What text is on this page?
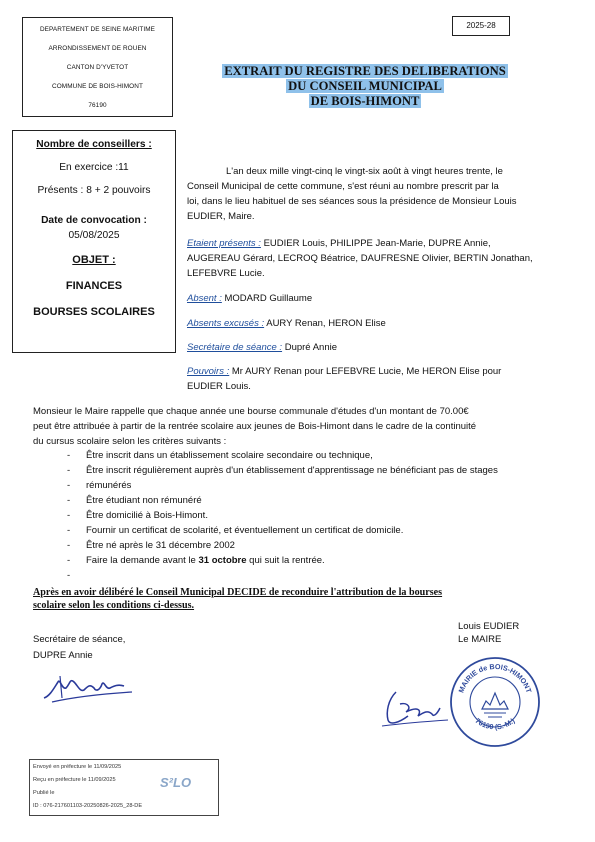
DEPARTEMENT DE SEINE MARITIME
ARRONDISSEMENT DE ROUEN
CANTON D'YVETOT
COMMUNE DE BOIS-HIMONT
76190
2025-28
EXTRAIT DU REGISTRE DES DELIBERATIONS
DU CONSEIL MUNICIPAL
DE BOIS-HIMONT
Nombre de conseillers :
En exercice :11
Présents : 8 + 2 pouvoirs
Date de convocation :
05/08/2025
OBJET :
FINANCES
BOURSES SCOLAIRES
L'an deux mille vingt-cinq le vingt-six août à vingt heures trente, le
Conseil Municipal de cette commune, s'est réuni au nombre prescrit par la
loi, dans le lieu habituel de ses séances sous la présidence de Monsieur Louis
EUDIER, Maire.
Etaient présents : EUDIER Louis, PHILIPPE Jean-Marie, DUPRE Annie,
AUGEREAU Gérard, LECROQ Béatrice, DAUFRESNE Olivier, BERTIN Jonathan,
LEFEBVRE Lucie.
Absent : MODARD Guillaume
Absents excusés : AURY Renan, HERON Elise
Secrétaire de séance : Dupré Annie
Pouvoirs : Mr AURY Renan pour LEFEBVRE Lucie, Me HERON Elise pour
EUDIER Louis.
Monsieur le Maire rappelle que chaque année une bourse communale d'études d'un montant de 70.00€
peut être attribuée à partir de la rentrée scolaire aux jeunes de Bois-Himont dans le cadre de la continuité
du cursus scolaire selon les critères suivants :
- Être inscrit dans un établissement scolaire secondaire ou technique,
- Être inscrit régulièrement auprès d'un établissement d'apprentissage ne bénéficiant pas de stages
- rémunérés
- Être étudiant non rémunéré
- Être domicilié à Bois-Himont.
- Fournir un certificat de scolarité, et éventuellement un certificat de domicile.
- Être né après le 31 décembre 2002
- Faire la demande avant le 31 octobre qui suit la rentrée.
Après en avoir délibéré le Conseil Municipal DECIDE de reconduire l'attribution de la bourses
scolaire selon les conditions ci-dessus.
Secrétaire de séance,
DUPRE Annie
Louis EUDIER
Le MAIRE
MAIRIE de BOIS-HIMONT
76190 (S.-M.)
Envoyé en préfecture le 11/09/2025
Reçu en préfecture le 11/09/2025
Publié le
ID : 076-217601103-20250826-2025_28-DE
S²LO
